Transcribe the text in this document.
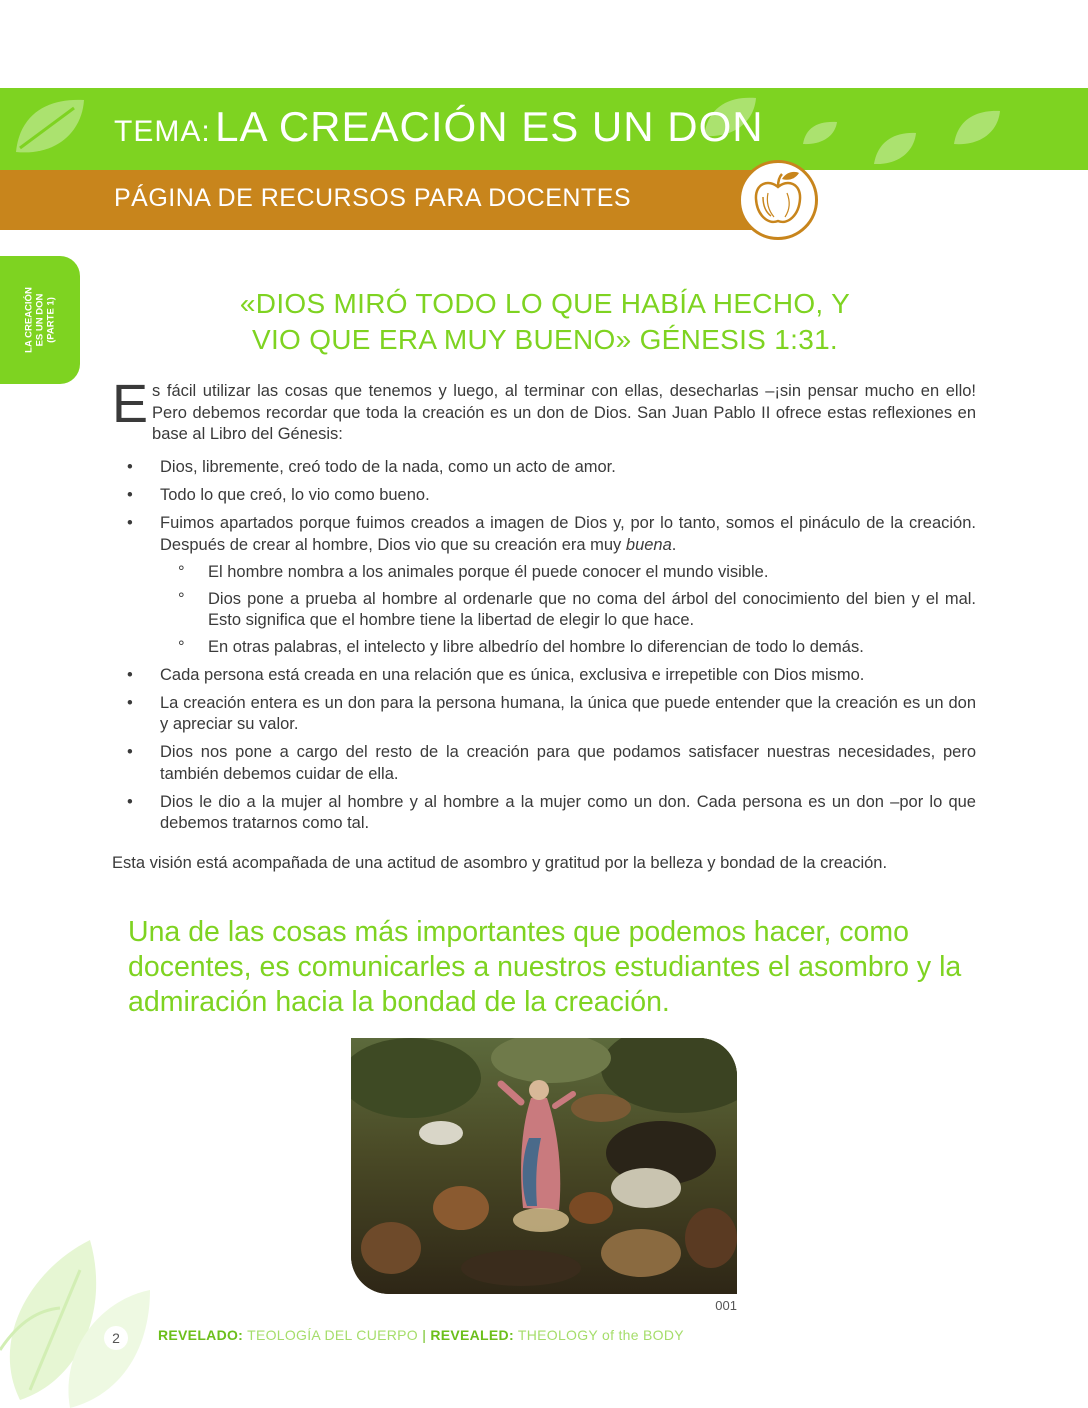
TEMA: LA CREACIÓN ES UN DON
PÁGINA DE RECURSOS PARA DOCENTES
LA CREACIÓN ES UN DON (PARTE 1)	«DIOS MIRÓ TODO LO QUE HABÍA HECHO, Y
VIO QUE ERA MUY BUENO» GÉNESIS 1:31.
E s fácil utilizar las cosas que tenemos y luego, al terminar con ellas, desecharlas –¡sin pensar mucho en ello! Pero debemos recordar que toda la creación es un don de Dios. San Juan Pablo II ofrece estas reflexiones en base al Libro del Génesis:
• Dios, libremente, creó todo de la nada, como un acto de amor.
• Todo lo que creó, lo vio como bueno.
• Fuimos apartados porque fuimos creados a imagen de Dios y, por lo tanto, somos el pináculo de la creación. Después de crear al hombre, Dios vio que su creación era muy buena.
° El hombre nombra a los animales porque él puede conocer el mundo visible.
° Dios pone a prueba al hombre al ordenarle que no coma del árbol del conocimiento del bien y el mal. Esto significa que el hombre tiene la libertad de elegir lo que hace.
° En otras palabras, el intelecto y libre albedrío del hombre lo diferencian de todo lo demás.
• Cada persona está creada en una relación que es única, exclusiva e irrepetible con Dios mismo.
• La creación entera es un don para la persona humana, la única que puede entender que la creación es un don y apreciar su valor.
• Dios nos pone a cargo del resto de la creación para que podamos satisfacer nuestras necesidades, pero también debemos cuidar de ella.
• Dios le dio a la mujer al hombre y al hombre a la mujer como un don. Cada persona es un don –por lo que debemos tratarnos como tal.
Esta visión está acompañada de una actitud de asombro y gratitud por la belleza y bondad de la creación.
Una de las cosas más importantes que podemos hacer, como docentes, es comunicarles a nuestros estudiantes el asombro y la admiración hacia la bondad de la creación.
001
2	REVELADO: TEOLOGÍA DEL CUERPO | REVEALED: THEOLOGY of the BODY
